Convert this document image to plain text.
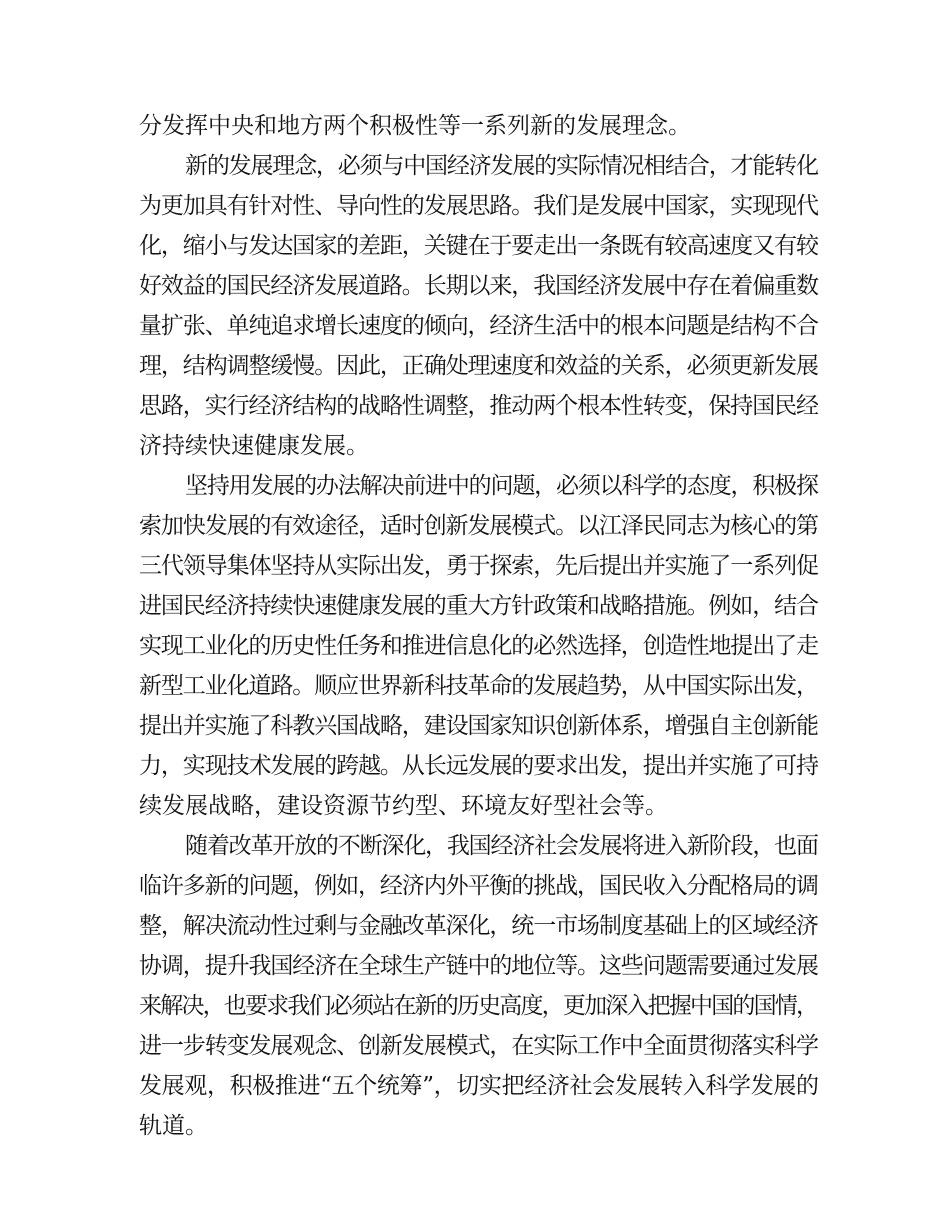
分发挥中央和地方两个积极性等一系列新的发展理念。
新的发展理念，必须与中国经济发展的实际情况相结合，才能转化
为更加具有针对性、导向性的发展思路。我们是发展中国家，实现现代
化，缩小与发达国家的差距，关键在于要走出一条既有较高速度又有较
好效益的国民经济发展道路。长期以来，我国经济发展中存在着偏重数
量扩张、单纯追求增长速度的倾向，经济生活中的根本问题是结构不合
理，结构调整缓慢。因此，正确处理速度和效益的关系，必须更新发展
思路，实行经济结构的战略性调整，推动两个根本性转变，保持国民经
济持续快速健康发展。
坚持用发展的办法解决前进中的问题，必须以科学的态度，积极探
索加快发展的有效途径，适时创新发展模式。以江泽民同志为核心的第
三代领导集体坚持从实际出发，勇于探索，先后提出并实施了一系列促
进国民经济持续快速健康发展的重大方针政策和战略措施。例如，结合
实现工业化的历史性任务和推进信息化的必然选择，创造性地提出了走
新型工业化道路。顺应世界新科技革命的发展趋势，从中国实际出发，
提出并实施了科教兴国战略，建设国家知识创新体系，增强自主创新能
力，实现技术发展的跨越。从长远发展的要求出发，提出并实施了可持
续发展战略，建设资源节约型、环境友好型社会等。
随着改革开放的不断深化，我国经济社会发展将进入新阶段，也面
临许多新的问题，例如，经济内外平衡的挑战，国民收入分配格局的调
整，解决流动性过剩与金融改革深化，统一市场制度基础上的区域经济
协调，提升我国经济在全球生产链中的地位等。这些问题需要通过发展
来解决，也要求我们必须站在新的历史高度，更加深入把握中国的国情，
进一步转变发展观念、创新发展模式，在实际工作中全面贯彻落实科学
发展观，积极推进“五个统筹”，切实把经济社会发展转入科学发展的
轨道。
